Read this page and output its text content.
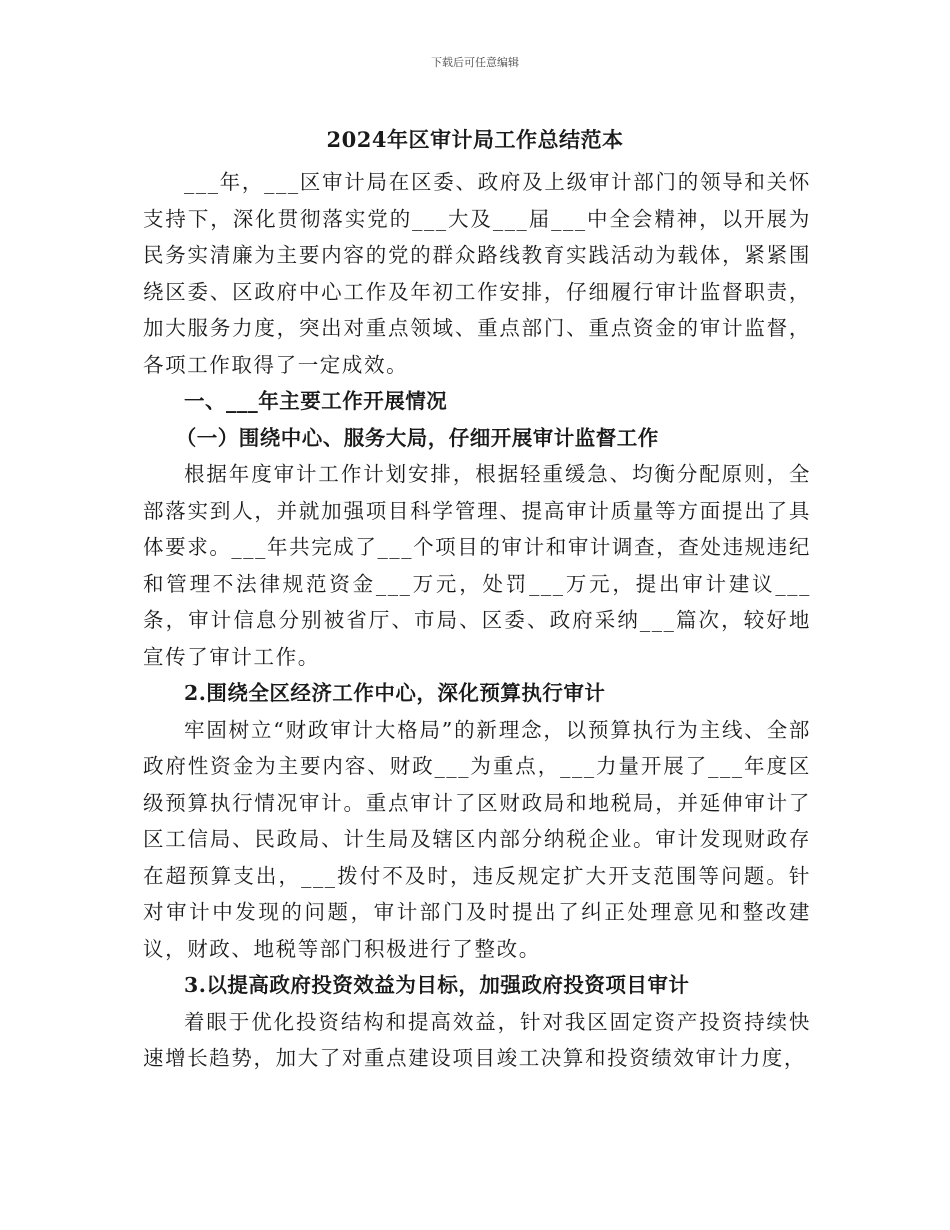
下载后可任意编辑
2024年区审计局工作总结范本

___年，___区审计局在区委、政府及上级审计部门的领导和关怀支持下，深化贯彻落实党的___大及___届___中全会精神，以开展为民务实清廉为主要内容的党的群众路线教育实践活动为载体，紧紧围绕区委、区政府中心工作及年初工作安排，仔细履行审计监督职责，加大服务力度，突出对重点领域、重点部门、重点资金的审计监督，各项工作取得了一定成效。

一、___年主要工作开展情况

（一）围绕中心、服务大局，仔细开展审计监督工作

根据年度审计工作计划安排，根据轻重缓急、均衡分配原则，全部落实到人，并就加强项目科学管理、提高审计质量等方面提出了具体要求。___年共完成了___个项目的审计和审计调查，查处违规违纪和管理不法律规范资金___万元，处罚___万元，提出审计建议___条，审计信息分别被省厅、市局、区委、政府采纳___篇次，较好地宣传了审计工作。

2.围绕全区经济工作中心，深化预算执行审计

牢固树立“财政审计大格局”的新理念，以预算执行为主线、全部政府性资金为主要内容、财政___为重点，___力量开展了___年度区级预算执行情况审计。重点审计了区财政局和地税局，并延伸审计了区工信局、民政局、计生局及辖区内部分纳税企业。审计发现财政存在超预算支出，___拨付不及时，违反规定扩大开支范围等问题。针对审计中发现的问题，审计部门及时提出了纠正处理意见和整改建议，财政、地税等部门积极进行了整改。

3.以提高政府投资效益为目标，加强政府投资项目审计

着眼于优化投资结构和提高效益，针对我区固定资产投资持续快速增长趋势，加大了对重点建设项目竣工决算和投资绩效审计力度，
